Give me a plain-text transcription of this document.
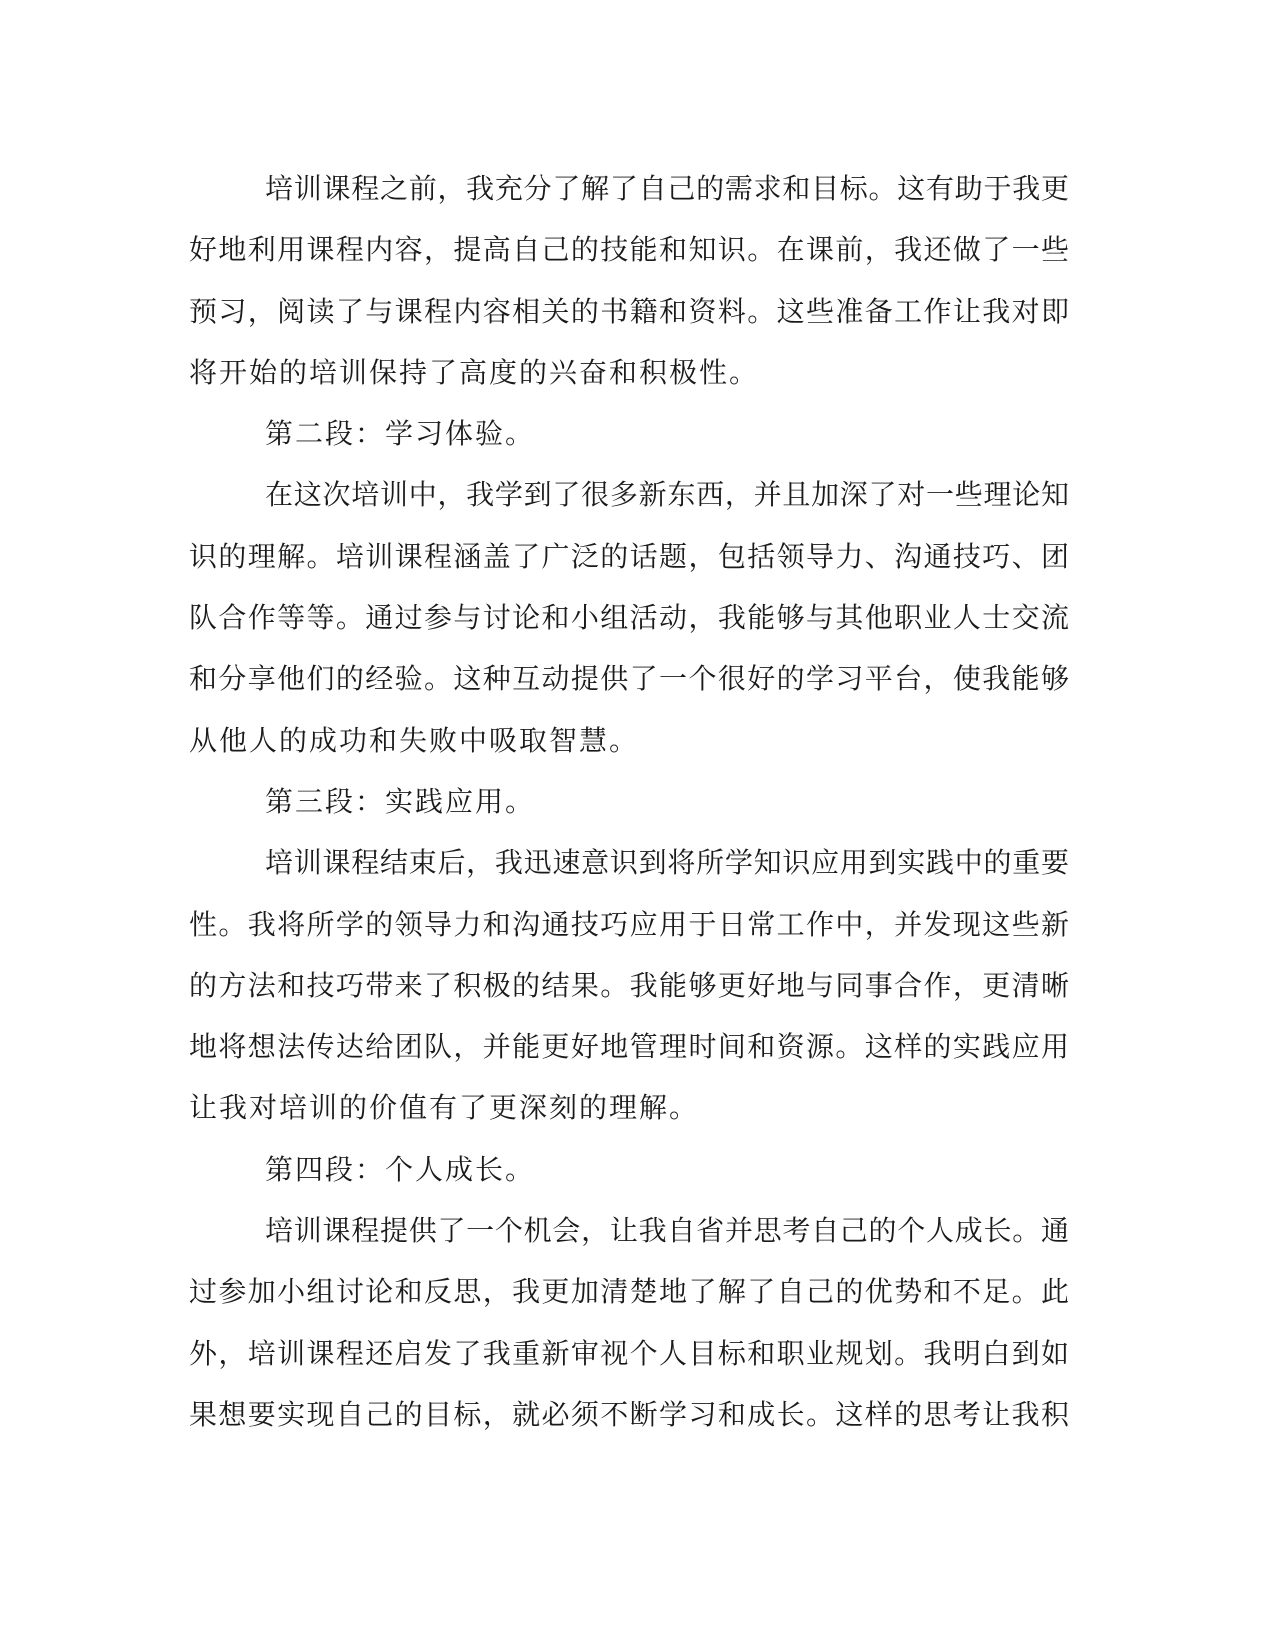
培训课程之前，我充分了解了自己的需求和目标。这有助于我更
好地利用课程内容，提高自己的技能和知识。在课前，我还做了一些
预习，阅读了与课程内容相关的书籍和资料。这些准备工作让我对即
将开始的培训保持了高度的兴奋和积极性。
第二段：学习体验。
在这次培训中，我学到了很多新东西，并且加深了对一些理论知
识的理解。培训课程涵盖了广泛的话题，包括领导力、沟通技巧、团
队合作等等。通过参与讨论和小组活动，我能够与其他职业人士交流
和分享他们的经验。这种互动提供了一个很好的学习平台，使我能够
从他人的成功和失败中吸取智慧。
第三段：实践应用。
培训课程结束后，我迅速意识到将所学知识应用到实践中的重要
性。我将所学的领导力和沟通技巧应用于日常工作中，并发现这些新
的方法和技巧带来了积极的结果。我能够更好地与同事合作，更清晰
地将想法传达给团队，并能更好地管理时间和资源。这样的实践应用
让我对培训的价值有了更深刻的理解。
第四段：个人成长。
培训课程提供了一个机会，让我自省并思考自己的个人成长。通
过参加小组讨论和反思，我更加清楚地了解了自己的优势和不足。此
外，培训课程还启发了我重新审视个人目标和职业规划。我明白到如
果想要实现自己的目标，就必须不断学习和成长。这样的思考让我积
